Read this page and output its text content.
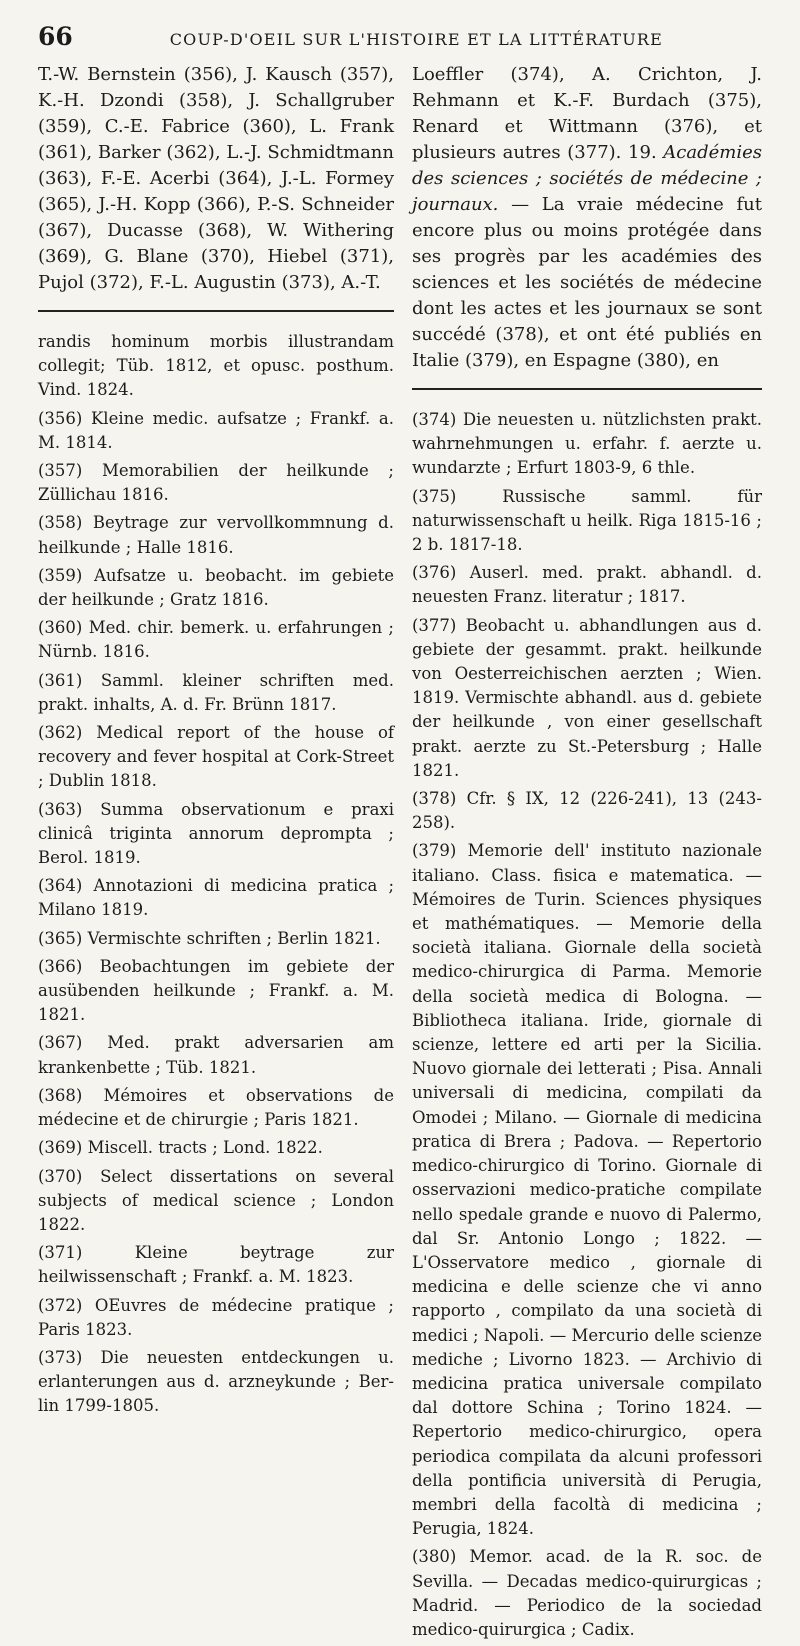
66	COUP-D'OEIL SUR L'HISTOIRE ET LA LITTÉRATURE

T.-W. Bernstein (356), J. Kausch (357), K.-H. Dzondi (358), J. Schallgruber (359), C.-E. Fabrice (360), L. Frank (361), Barker (362), L.-J. Schmidtmann (363), F.-E. Acerbi (364), J.-L. Formey (365), J.-H. Kopp (366), P.-S. Schneider (367), Ducasse (368), W. Withering (369), G. Blane (370), Hiebel (371), Pujol (372), F.-L. Augustin (373), A.-T.

randis hominum morbis illustrandam collegit; Tüb. 1812, et opusc. posthum. Vind. 1824.

(356) Kleine medic. aufsatze ; Frankf. a. M. 1814.

(357) Memorabilien der heilkunde ; Züllichau 1816.

(358) Beytrage zur vervollkommnung d. heilkunde ; Halle 1816.

(359) Aufsatze u. beobacht. im gebiete der heilkunde ; Gratz 1816.

(360) Med. chir. bemerk. u. erfahrungen ; Nürnb. 1816.

(361) Samml. kleiner schriften med. prakt. inhalts, A. d. Fr. Brünn 1817.

(362) Medical report of the house of recovery and fever hospital at Cork-Street ; Dublin 1818.

(363) Summa observationum e praxi clinicâ triginta annorum deprompta ; Berol. 1819.

(364) Annotazioni di medicina pratica ; Milano 1819.

(365) Vermischte schriften ; Berlin 1821.

(366) Beobachtungen im gebiete der ausübenden heilkunde ; Frankf. a. M. 1821.

(367) Med. prakt adversarien am krankenbette ; Tüb. 1821.

(368) Mémoires et observations de médecine et de chirurgie ; Paris 1821.

(369) Miscell. tracts ; Lond. 1822.

(370) Select dissertations on several subjects of medical science ; London 1822.

(371) Kleine beytrage zur heilwissenschaft ; Frankf. a. M. 1823.

(372) OEuvres de médecine pratique ; Paris 1823.

(373) Die neuesten entdeckungen u. erlanterungen aus d. arzneykunde ; Ber-lin 1799-1805.

Loeffler (374), A. Crichton, J. Rehmann et K.-F. Burdach (375), Renard et Wittmann (376), et plusieurs autres (377). 19. Académies des sciences ; sociétés de médecine ; journaux. — La vraie médecine fut encore plus ou moins protégée dans ses progrès par les académies des sciences et les sociétés de médecine dont les actes et les journaux se sont succédé (378), et ont été publiés en Italie (379), en Espagne (380), en

(374) Die neuesten u. nützlichsten prakt. wahrnehmungen u. erfahr. f. aerzte u. wundarzte ; Erfurt 1803-9, 6 thle.

(375) Russische samml. für naturwissenschaft u heilk. Riga 1815-16 ; 2 b. 1817-18.

(376) Auserl. med. prakt. abhandl. d. neuesten Franz. literatur ; 1817.

(377) Beobacht u. abhandlungen aus d. gebiete der gesammt. prakt. heilkunde von Oesterreichischen aerzten ; Wien. 1819. Vermischte abhandl. aus d. gebiete der heilkunde , von einer gesellschaft prakt. aerzte zu St.-Petersburg ; Halle 1821.

(378) Cfr. § IX, 12 (226-241), 13 (243-258).

(379) Memorie dell' instituto nazionale italiano. Class. fisica e matematica. — Mémoires de Turin. Sciences physiques et mathématiques. — Memorie della società italiana. Giornale della società medico-chirurgica di Parma. Memorie della società medica di Bologna. — Bibliotheca italiana. Iride, giornale di scienze, lettere ed arti per la Sicilia. Nuovo giornale dei letterati ; Pisa. Annali universali di medicina, compilati da Omodei ; Milano. — Giornale di medicina pratica di Brera ; Padova. — Repertorio medico-chirurgico di Torino. Giornale di osservazioni medico-pratiche compilate nello spedale grande e nuovo di Palermo, dal Sr. Antonio Longo ; 1822. — L'Osservatore medico , giornale di medicina e delle scienze che vi anno rapporto , compilato da una società di medici ; Napoli. — Mercurio delle scienze mediche ; Livorno 1823. — Archivio di medicina pratica universale compilato dal dottore Schina ; Torino 1824. — Repertorio medico-chirurgico, opera periodica compilata da alcuni professori della pontificia università di Perugia, membri della facoltà di medicina ; Perugia, 1824.

(380) Memor. acad. de la R. soc. de Sevilla. — Decadas medico-quirurgicas ; Madrid. — Periodico de la sociedad medico-quirurgica ; Cadix.
